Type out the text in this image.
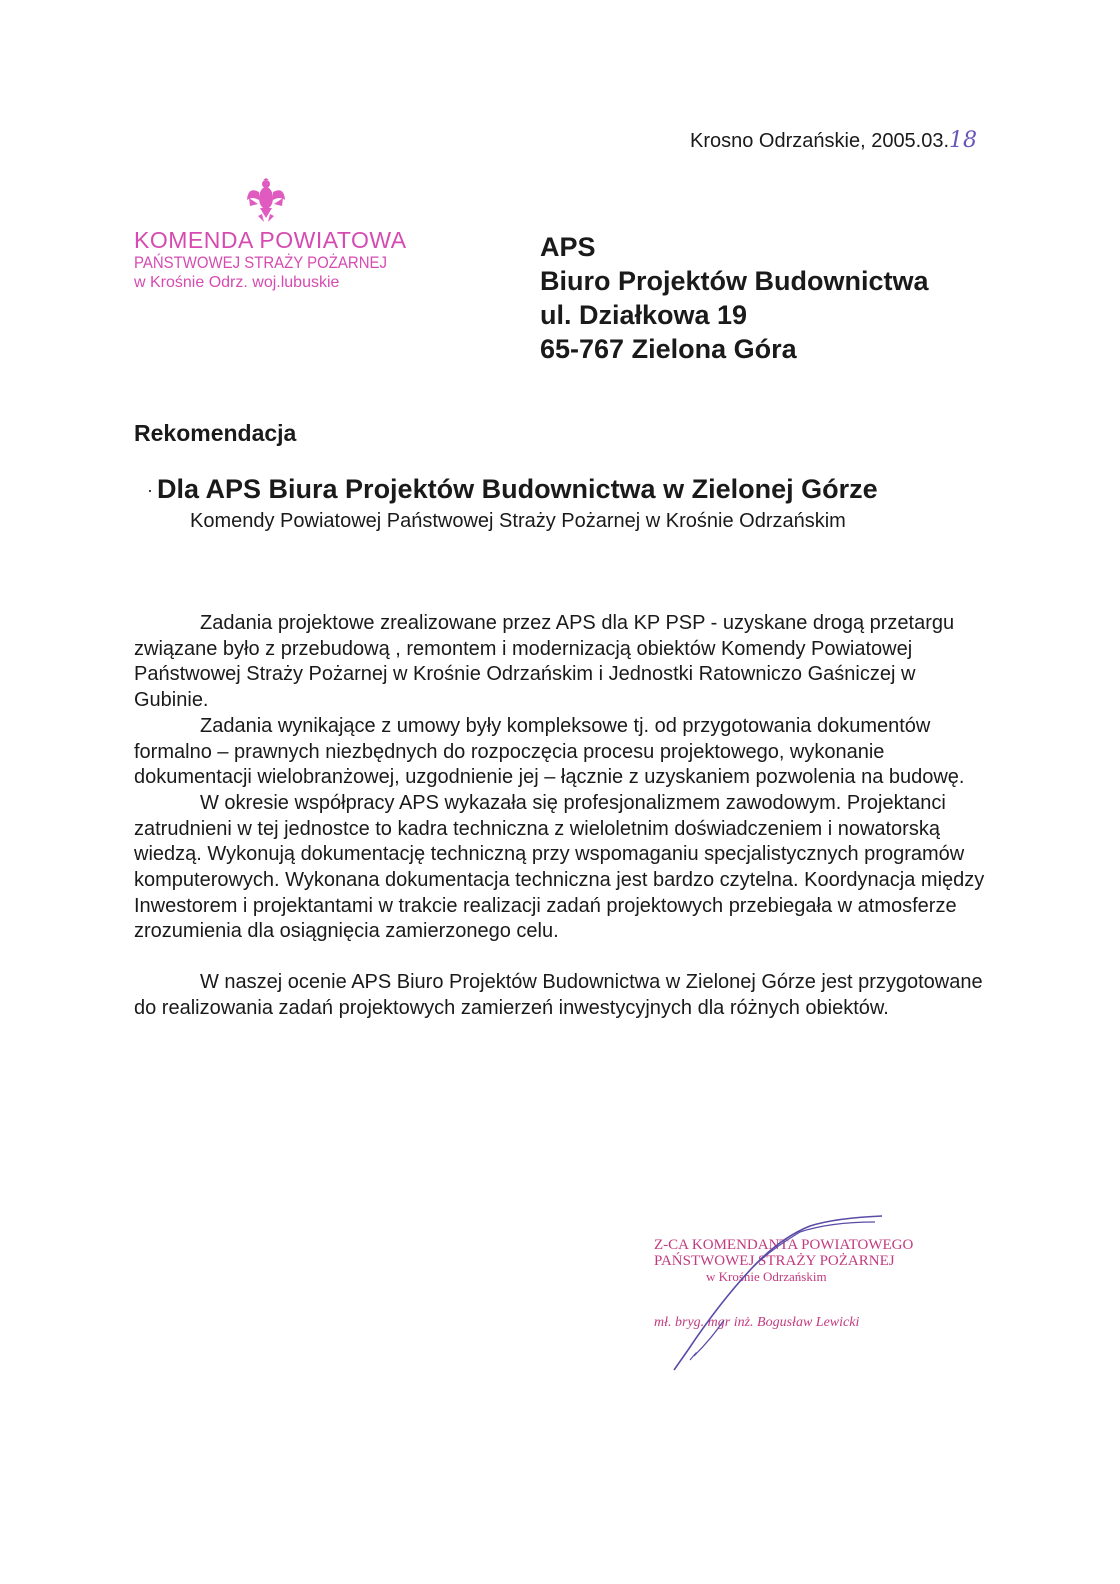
Krosno Odrzańskie, 2005.03.18
KOMENDA POWIATOWA
PAŃSTWOWEJ STRAŻY POŻARNEJ
w Krośnie Odrz. woj.lubuskie
APS
Biuro Projektów Budownictwa
ul. Działkowa 19
65-767 Zielona Góra
Rekomendacja
· Dla APS Biura Projektów Budownictwa w Zielonej Górze
Komendy Powiatowej Państwowej Straży Pożarnej w Krośnie Odrzańskim

Zadania projektowe zrealizowane przez APS dla KP PSP - uzyskane drogą przetargu związane było z przebudową , remontem i modernizacją obiektów Komendy Powiatowej Państwowej Straży Pożarnej w Krośnie Odrzańskim i Jednostki Ratowniczo Gaśniczej w Gubinie.

Zadania wynikające z umowy były kompleksowe tj. od przygotowania dokumentów formalno – prawnych niezbędnych do rozpoczęcia procesu projektowego, wykonanie dokumentacji wielobranżowej, uzgodnienie jej – łącznie z uzyskaniem pozwolenia na budowę.

W okresie współpracy APS wykazała się profesjonalizmem zawodowym. Projektanci zatrudnieni w tej jednostce to kadra techniczna z wieloletnim doświadczeniem i nowatorską wiedzą. Wykonują dokumentację techniczną przy wspomaganiu specjalistycznych programów komputerowych. Wykonana dokumentacja techniczna jest bardzo czytelna. Koordynacja między Inwestorem i projektantami w trakcie realizacji zadań projektowych przebiegała w atmosferze zrozumienia dla osiągnięcia zamierzonego celu.

W naszej ocenie APS Biuro Projektów Budownictwa w Zielonej Górze jest przygotowane do realizowania zadań projektowych zamierzeń inwestycyjnych dla różnych obiektów.

Z-CA KOMENDANTA POWIATOWEGO
PAŃSTWOWEJ STRAŻY POŻARNEJ
w Krośnie Odrzańskim
mł. bryg. mgr inż. Bogusław Lewicki
